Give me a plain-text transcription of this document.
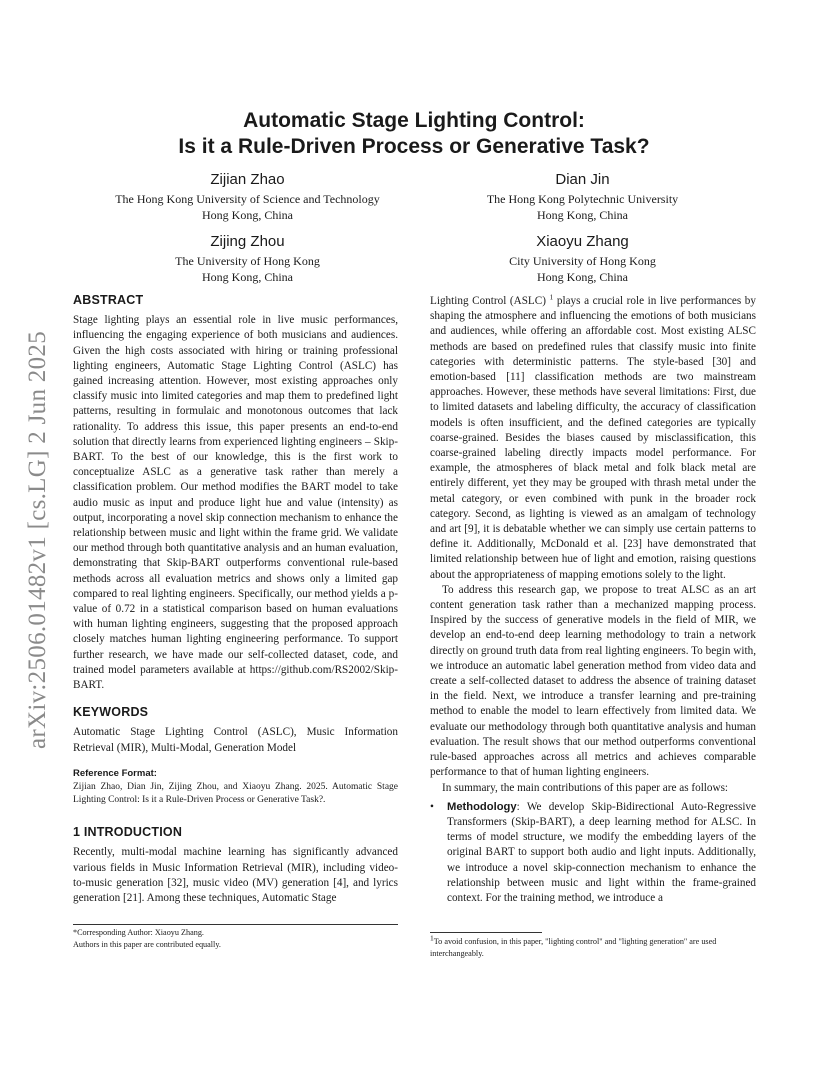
arXiv:2506.01482v1 [cs.LG] 2 Jun 2025
Automatic Stage Lighting Control:
Is it a Rule-Driven Process or Generative Task?
Zijian Zhao
The Hong Kong University of Science and Technology
Hong Kong, China
Dian Jin
The Hong Kong Polytechnic University
Hong Kong, China
Zijing Zhou
The University of Hong Kong
Hong Kong, China
Xiaoyu Zhang
City University of Hong Kong
Hong Kong, China
ABSTRACT

Stage lighting plays an essential role in live music performances, influencing the engaging experience of both musicians and audiences. Given the high costs associated with hiring or training professional lighting engineers, Automatic Stage Lighting Control (ASLC) has gained increasing attention. However, most existing approaches only classify music into limited categories and map them to predefined light patterns, resulting in formulaic and monotonous outcomes that lack rationality. To address this issue, this paper presents an end-to-end solution that directly learns from experienced lighting engineers – Skip-BART. To the best of our knowledge, this is the first work to conceptualize ASLC as a generative task rather than merely a classification problem. Our method modifies the BART model to take audio music as input and produce light hue and value (intensity) as output, incorporating a novel skip connection mechanism to enhance the relationship between music and light within the frame grid. We validate our method through both quantitative analysis and an human evaluation, demonstrating that Skip-BART outperforms conventional rule-based methods across all evaluation metrics and shows only a limited gap compared to real lighting engineers. Specifically, our method yields a p-value of 0.72 in a statistical comparison based on human evaluations with human lighting engineers, suggesting that the proposed approach closely matches human lighting engineering performance. To support further research, we have made our self-collected dataset, code, and trained model parameters available at https://github.com/RS2002/Skip-BART.

KEYWORDS

Automatic Stage Lighting Control (ASLC), Music Information Retrieval (MIR), Multi-Modal, Generation Model

Reference Format:

Zijian Zhao, Dian Jin, Zijing Zhou, and Xiaoyu Zhang. 2025. Automatic Stage Lighting Control: Is it a Rule-Driven Process or Generative Task?.

1 INTRODUCTION

Recently, multi-modal machine learning has significantly advanced various fields in Music Information Retrieval (MIR), including video-to-music generation [32], music video (MV) generation [4], and lyrics generation [21]. Among these techniques, Automatic Stage

*Corresponding Author: Xiaoyu Zhang.
Authors in this paper are contributed equally.

Lighting Control (ASLC) $^1$ plays a crucial role in live performances by shaping the atmosphere and influencing the emotions of both musicians and audiences, while offering an affordable cost. Most existing ALSC methods are based on predefined rules that classify music into finite categories with deterministic patterns. The style-based [30] and emotion-based [11] classification methods are two mainstream approaches. However, these methods have several limitations: First, due to limited datasets and labeling difficulty, the accuracy of classification models is often insufficient, and the defined categories are typically coarse-grained. Besides the biases caused by misclassification, this coarse-grained labeling directly impacts model performance. For example, the atmospheres of black metal and folk black metal are entirely different, yet they may be grouped with thrash metal under the metal category, or even combined with punk in the broader rock category. Second, as lighting is viewed as an amalgam of technology and art [9], it is debatable whether we can simply use certain patterns to define it. Additionally, McDonald et al. [23] have demonstrated that limited relationship between hue of light and emotion, raising questions about the appropriateness of mapping emotions solely to the light.

To address this research gap, we propose to treat ALSC as an art content generation task rather than a mechanized mapping process. Inspired by the success of generative models in the field of MIR, we develop an end-to-end deep learning methodology to train a network directly on ground truth data from real lighting engineers. To begin with, we introduce an automatic label generation method from video data and create a self-collected dataset to address the absence of training dataset in the field. Next, we introduce a transfer learning and pre-training method to enable the model to learn effectively from limited data. We evaluate our methodology through both quantitative analysis and human evaluation. The result shows that our method outperforms conventional rule-based approaches across all metrics and achieves comparable performance to that of human lighting engineers.

In summary, the main contributions of this paper are as follows:

• Methodology: We develop Skip-Bidirectional Auto-Regressive Transformers (Skip-BART), a deep learning method for ALSC. In terms of model structure, we modify the embedding layers of the original BART to support both audio and light inputs. Additionally, we introduce a novel skip-connection mechanism to enhance the relationship between music and light within the frame-grained context. For the training method, we introduce a

$^1$To avoid confusion, in this paper, "lighting control" and "lighting generation" are used interchangeably.
